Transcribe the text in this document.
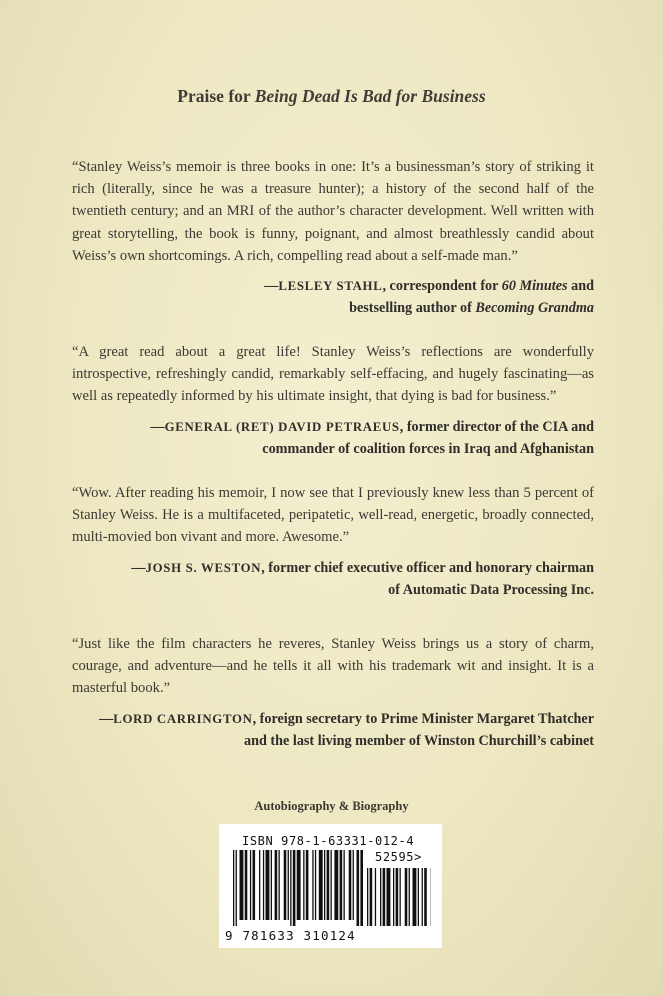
Praise for Being Dead Is Bad for Business

“Stanley Weiss’s memoir is three books in one: It’s a businessman’s story of striking it rich (literally, since he was a treasure hunter); a history of the second half of the twentieth century; and an MRI of the author’s character development. Well written with great storytelling, the book is funny, poignant, and almost breathlessly candid about Weiss’s own shortcomings. A rich, compelling read about a self-made man.”

—LESLEY STAHL, correspondent for 60 Minutes and
bestselling author of Becoming Grandma

“A great read about a great life! Stanley Weiss’s reflections are wonderfully introspective, refreshingly candid, remarkably self-effacing, and hugely fascinating—as well as repeatedly informed by his ultimate insight, that dying is bad for business.”

—GENERAL (RET) DAVID PETRAEUS, former director of the CIA and
commander of coalition forces in Iraq and Afghanistan

“Wow. After reading his memoir, I now see that I previously knew less than 5 percent of Stanley Weiss. He is a multifaceted, peripatetic, well-read, energetic, broadly connected, multi-movied bon vivant and more. Awesome.”

—JOSH S. WESTON, former chief executive officer and honorary chairman
of Automatic Data Processing Inc.

“Just like the film characters he reveres, Stanley Weiss brings us a story of charm, courage, and adventure—and he tells it all with his trademark wit and insight. It is a masterful book.”

—LORD CARRINGTON, foreign secretary to Prime Minister Margaret Thatcher
and the last living member of Winston Churchill’s cabinet

Autobiography & Biography
ISBN 978-1-63331-012-4
52595>
9 781633 310124
